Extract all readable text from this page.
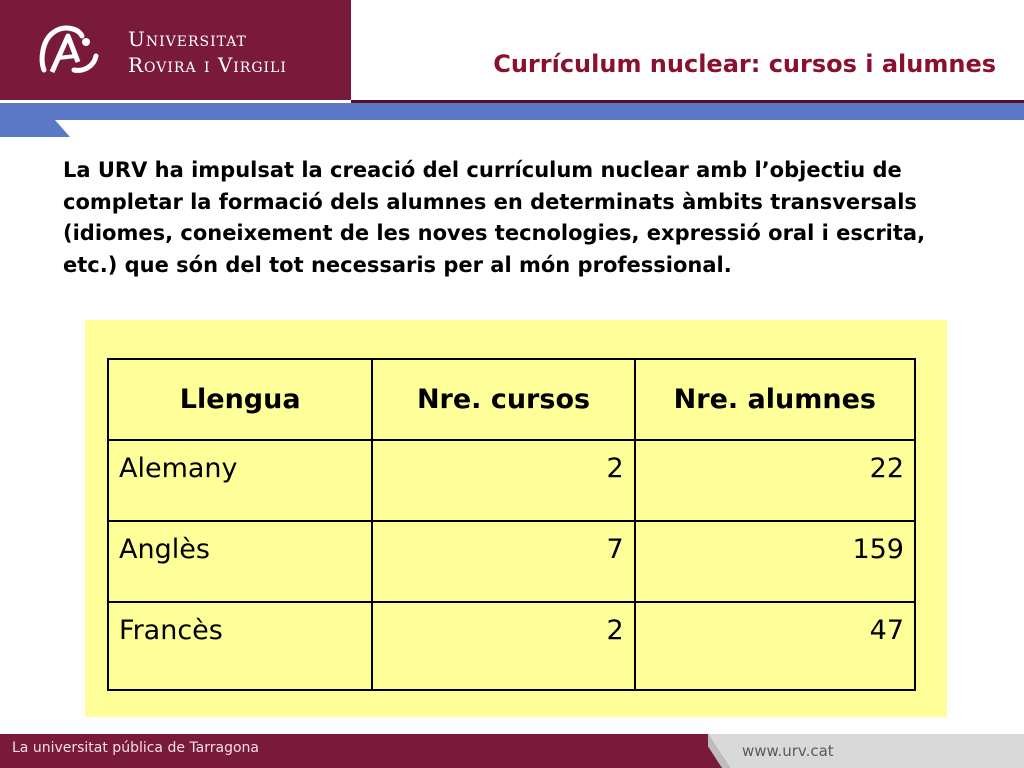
Universitat
Rovira i Virgili	Currículum nuclear: cursos i alumnes
La URV ha impulsat la creació del currículum nuclear amb l’objectiu de completar la formació dels alumnes en determinats àmbits transversals (idiomes, coneixement de les noves tecnologies, expressió oral i escrita, etc.) que són del tot necessaris per al món professional.
Llengua	Nre. cursos	Nre. alumnes
Alemany	2	22
Anglès	7	159
Francès	2	47
La universitat pública de Tarragona	www.urv.cat
